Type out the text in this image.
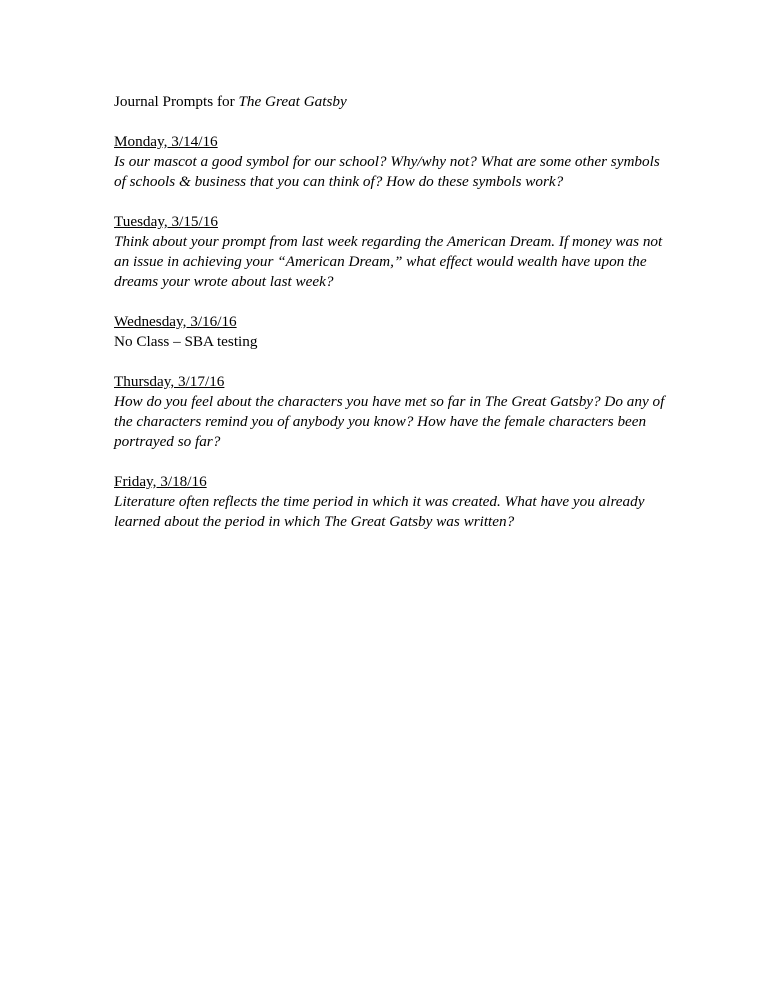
Journal Prompts for The Great Gatsby
Monday, 3/14/16
Is our mascot a good symbol for our school? Why/why not? What are some other symbols of schools & business that you can think of? How do these symbols work?
Tuesday, 3/15/16
Think about your prompt from last week regarding the American Dream. If money was not an issue in achieving your “American Dream,” what effect would wealth have upon the dreams your wrote about last week?
Wednesday, 3/16/16
No Class – SBA testing
Thursday, 3/17/16
How do you feel about the characters you have met so far in The Great Gatsby? Do any of the characters remind you of anybody you know? How have the female characters been portrayed so far?
Friday, 3/18/16
Literature often reflects the time period in which it was created. What have you already learned about the period in which The Great Gatsby was written?
